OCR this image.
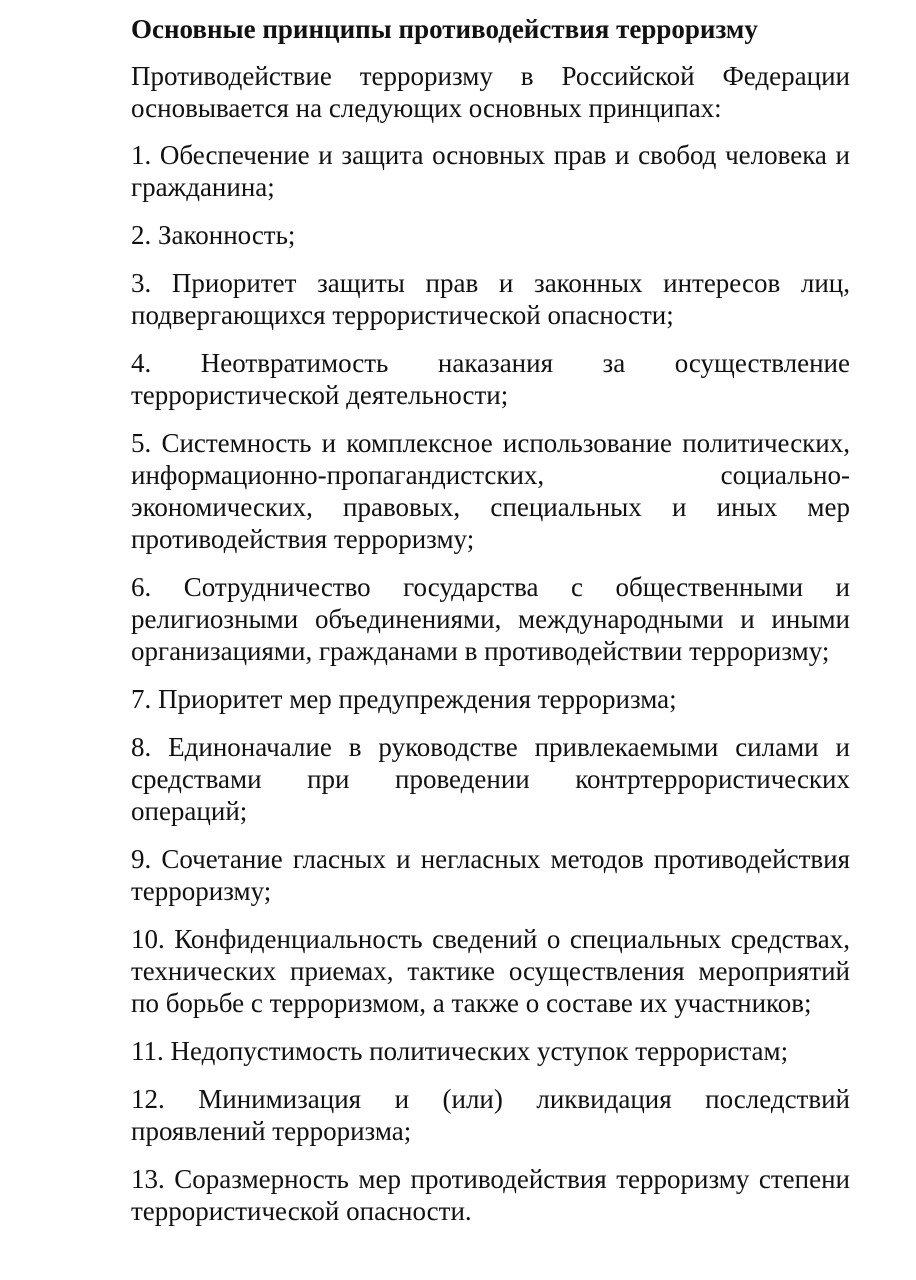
Основные принципы противодействия терроризму
Противодействие терроризму в Российской Федерации основывается на следующих основных принципах:
1. Обеспечение и защита основных прав и свобод человека и гражданина;
2. Законность;
3. Приоритет защиты прав и законных интересов лиц, подвергающихся террористической опасности;
4. Неотвратимость наказания за осуществление террористической деятельности;
5. Системность и комплексное использование политических, информационно-пропагандистских, социально-экономических, правовых, специальных и иных мер противодействия терроризму;
6. Сотрудничество государства с общественными и религиозными объединениями, международными и иными организациями, гражданами в противодействии терроризму;
7. Приоритет мер предупреждения терроризма;
8. Единоначалие в руководстве привлекаемыми силами и средствами при проведении контртеррористических операций;
9. Сочетание гласных и негласных методов противодействия терроризму;
10. Конфиденциальность сведений о специальных средствах, технических приемах, тактике осуществления мероприятий по борьбе с терроризмом, а также о составе их участников;
11. Недопустимость политических уступок террористам;
12. Минимизация и (или) ликвидация последствий проявлений терроризма;
13. Соразмерность мер противодействия терроризму степени террористической опасности.
